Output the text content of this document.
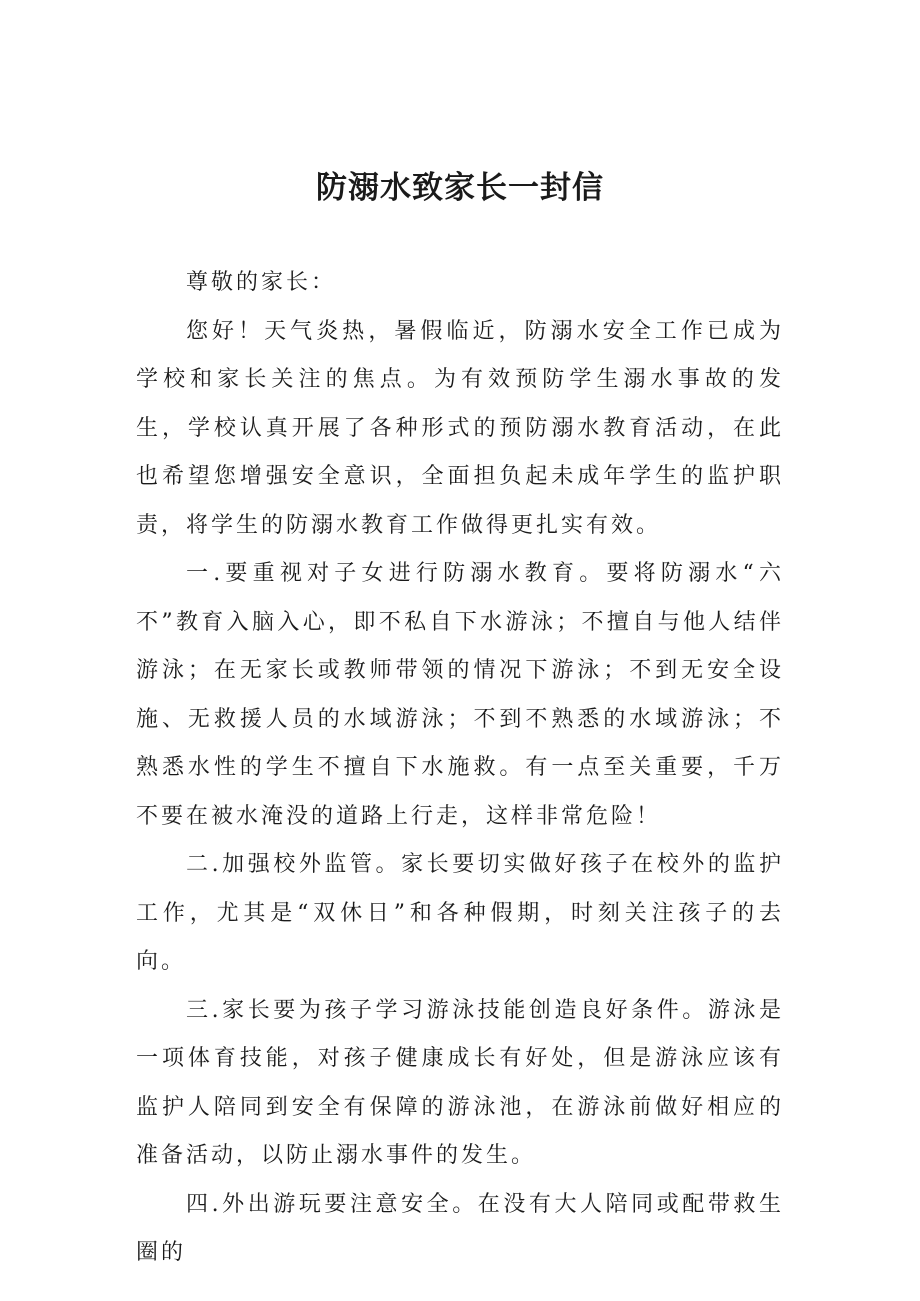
防溺水致家长一封信

尊敬的家长：

您好！天气炎热，暑假临近，防溺水安全工作已成为学校和家长关注的焦点。为有效预防学生溺水事故的发生，学校认真开展了各种形式的预防溺水教育活动，在此也希望您增强安全意识，全面担负起未成年学生的监护职责，将学生的防溺水教育工作做得更扎实有效。

一.要重视对子女进行防溺水教育。要将防溺水“六不”教育入脑入心，即不私自下水游泳；不擅自与他人结伴游泳；在无家长或教师带领的情况下游泳；不到无安全设施、无救援人员的水域游泳；不到不熟悉的水域游泳；不熟悉水性的学生不擅自下水施救。有一点至关重要，千万不要在被水淹没的道路上行走，这样非常危险！

二.加强校外监管。家长要切实做好孩子在校外的监护工作，尤其是“双休日”和各种假期，时刻关注孩子的去向。

三.家长要为孩子学习游泳技能创造良好条件。游泳是一项体育技能，对孩子健康成长有好处，但是游泳应该有监护人陪同到安全有保障的游泳池，在游泳前做好相应的准备活动，以防止溺水事件的发生。

四.外出游玩要注意安全。在没有大人陪同或配带救生圈的
